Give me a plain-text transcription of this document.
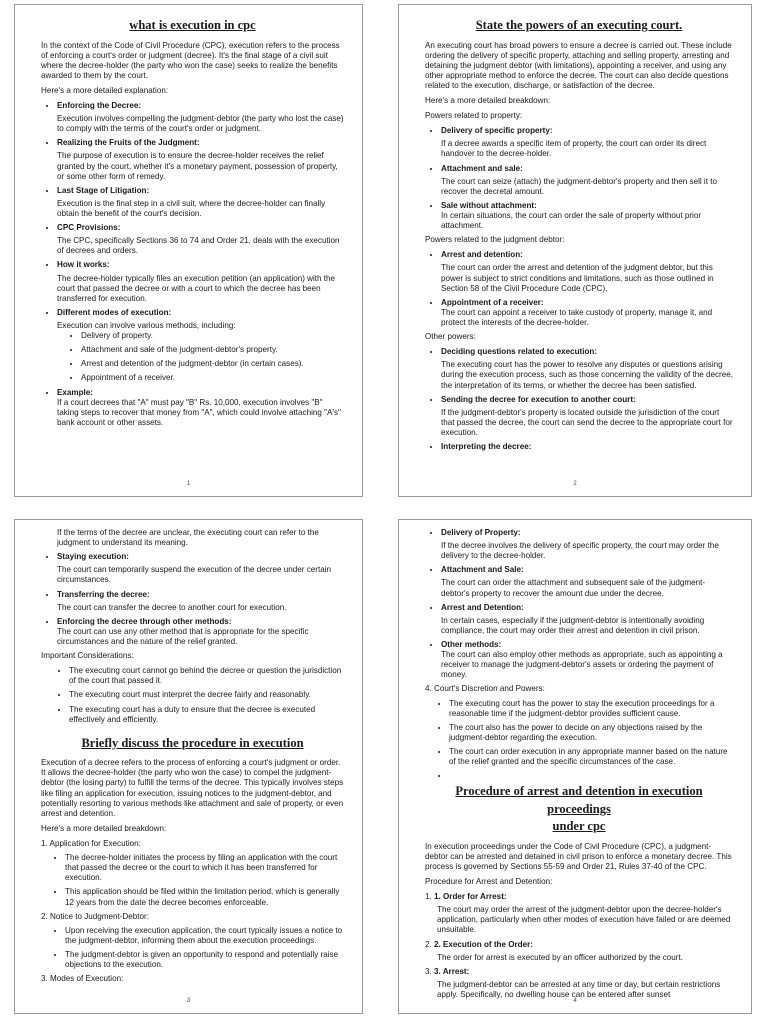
what is execution in cpc

In the context of the Code of Civil Procedure (CPC), execution refers to the process of enforcing a court's order or judgment (decree). It's the final stage of a civil suit where the decree-holder (the party who won the case) seeks to realize the benefits awarded to them by the court.

Here's a more detailed explanation:

• Enforcing the Decree:
Execution involves compelling the judgment-debtor (the party who lost the case) to comply with the terms of the court's order or judgment.
• Realizing the Fruits of the Judgment:
The purpose of execution is to ensure the decree-holder receives the relief granted by the court, whether it's a monetary payment, possession of property, or some other form of remedy.
• Last Stage of Litigation:
Execution is the final step in a civil suit, where the decree-holder can finally obtain the benefit of the court's decision.
• CPC Provisions:
The CPC, specifically Sections 36 to 74 and Order 21, deals with the execution of decrees and orders.
• How it works:
The decree-holder typically files an execution petition (an application) with the court that passed the decree or with a court to which the decree has been transferred for execution.
• Different modes of execution:
Execution can involve various methods, including:
• Delivery of property.
• Attachment and sale of the judgment-debtor's property.
• Arrest and detention of the judgment-debtor (in certain cases).
• Appointment of a receiver.
• Example:
If a court decrees that "A" must pay "B" Rs. 10,000, execution involves "B" taking steps to recover that money from "A", which could involve attaching "A's" bank account or other assets.
1
State the powers of an executing court.

An executing court has broad powers to ensure a decree is carried out. These include ordering the delivery of specific property, attaching and selling property, arresting and detaining the judgment debtor (with limitations), appointing a receiver, and using any other appropriate method to enforce the decree. The court can also decide questions related to the execution, discharge, or satisfaction of the decree.

Here's a more detailed breakdown:

Powers related to property:

• Delivery of specific property:
If a decree awards a specific item of property, the court can order its direct handover to the decree-holder.
• Attachment and sale:
The court can seize (attach) the judgment-debtor's property and then sell it to recover the decretal amount.
• Sale without attachment:
In certain situations, the court can order the sale of property without prior attachment.

Powers related to the judgment debtor:

• Arrest and detention:
The court can order the arrest and detention of the judgment debtor, but this power is subject to strict conditions and limitations, such as those outlined in Section 58 of the Civil Procedure Code (CPC).
• Appointment of a receiver:
The court can appoint a receiver to take custody of property, manage it, and protect the interests of the decree-holder.

Other powers:

• Deciding questions related to execution:
The executing court has the power to resolve any disputes or questions arising during the execution process, such as those concerning the validity of the decree, the interpretation of its terms, or whether the decree has been satisfied.
• Sending the decree for execution to another court:
If the judgment-debtor's property is located outside the jurisdiction of the court that passed the decree, the court can send the decree to the appropriate court for execution.
• Interpreting the decree:
2

If the terms of the decree are unclear, the executing court can refer to the judgment to understand its meaning.

• Staying execution:
The court can temporarily suspend the execution of the decree under certain circumstances.
• Transferring the decree:
The court can transfer the decree to another court for execution.
• Enforcing the decree through other methods:
The court can use any other method that is appropriate for the specific circumstances and the nature of the relief granted.

Important Considerations:

• The executing court cannot go behind the decree or question the jurisdiction of the court that passed it.
• The executing court must interpret the decree fairly and reasonably.
• The executing court has a duty to ensure that the decree is executed effectively and efficiently.
Briefly discuss the procedure in execution

Execution of a decree refers to the process of enforcing a court's judgment or order. It allows the decree-holder (the party who won the case) to compel the judgment-debtor (the losing party) to fulfill the terms of the decree. This typically involves steps like filing an application for execution, issuing notices to the judgment-debtor, and potentially resorting to various methods like attachment and sale of property, or even arrest and detention.

Here's a more detailed breakdown:

1. Application for Execution:
• The decree-holder initiates the process by filing an application with the court that passed the decree or the court to which it has been transferred for execution.
• This application should be filed within the limitation period, which is generally 12 years from the date the decree becomes enforceable.
2. Notice to Judgment-Debtor:
• Upon receiving the execution application, the court typically issues a notice to the judgment-debtor, informing them about the execution proceedings.
• The judgment-debtor is given an opportunity to respond and potentially raise objections to the execution.
3. Modes of Execution:
3
• Delivery of Property:
If the decree involves the delivery of specific property, the court may order the delivery to the decree-holder.
• Attachment and Sale:
The court can order the attachment and subsequent sale of the judgment-debtor's property to recover the amount due under the decree.
• Arrest and Detention:
In certain cases, especially if the judgment-debtor is intentionally avoiding compliance, the court may order their arrest and detention in civil prison.
• Other methods:
The court can also employ other methods as appropriate, such as appointing a receiver to manage the judgment-debtor's assets or ordering the payment of money.
4. Court's Discretion and Powers:
• The executing court has the power to stay the execution proceedings for a reasonable time if the judgment-debtor provides sufficient cause.
• The court also has the power to decide on any objections raised by the judgment-debtor regarding the execution.
• The court can order execution in any appropriate manner based on the nature of the relief granted and the specific circumstances of the case.
•
Procedure of arrest and detention in execution proceedings
under cpc

In execution proceedings under the Code of Civil Procedure (CPC), a judgment-debtor can be arrested and detained in civil prison to enforce a monetary decree. This process is governed by Sections 55-59 and Order 21, Rules 37-40 of the CPC.

Procedure for Arrest and Detention:

1. 1. Order for Arrest:
The court may order the arrest of the judgment-debtor upon the decree-holder's application, particularly when other modes of execution have failed or are deemed unsuitable.
2. 2. Execution of the Order:
The order for arrest is executed by an officer authorized by the court.
3. 3. Arrest:
The judgment-debtor can be arrested at any time or day, but certain restrictions apply. Specifically, no dwelling house can be entered after sunset
4
